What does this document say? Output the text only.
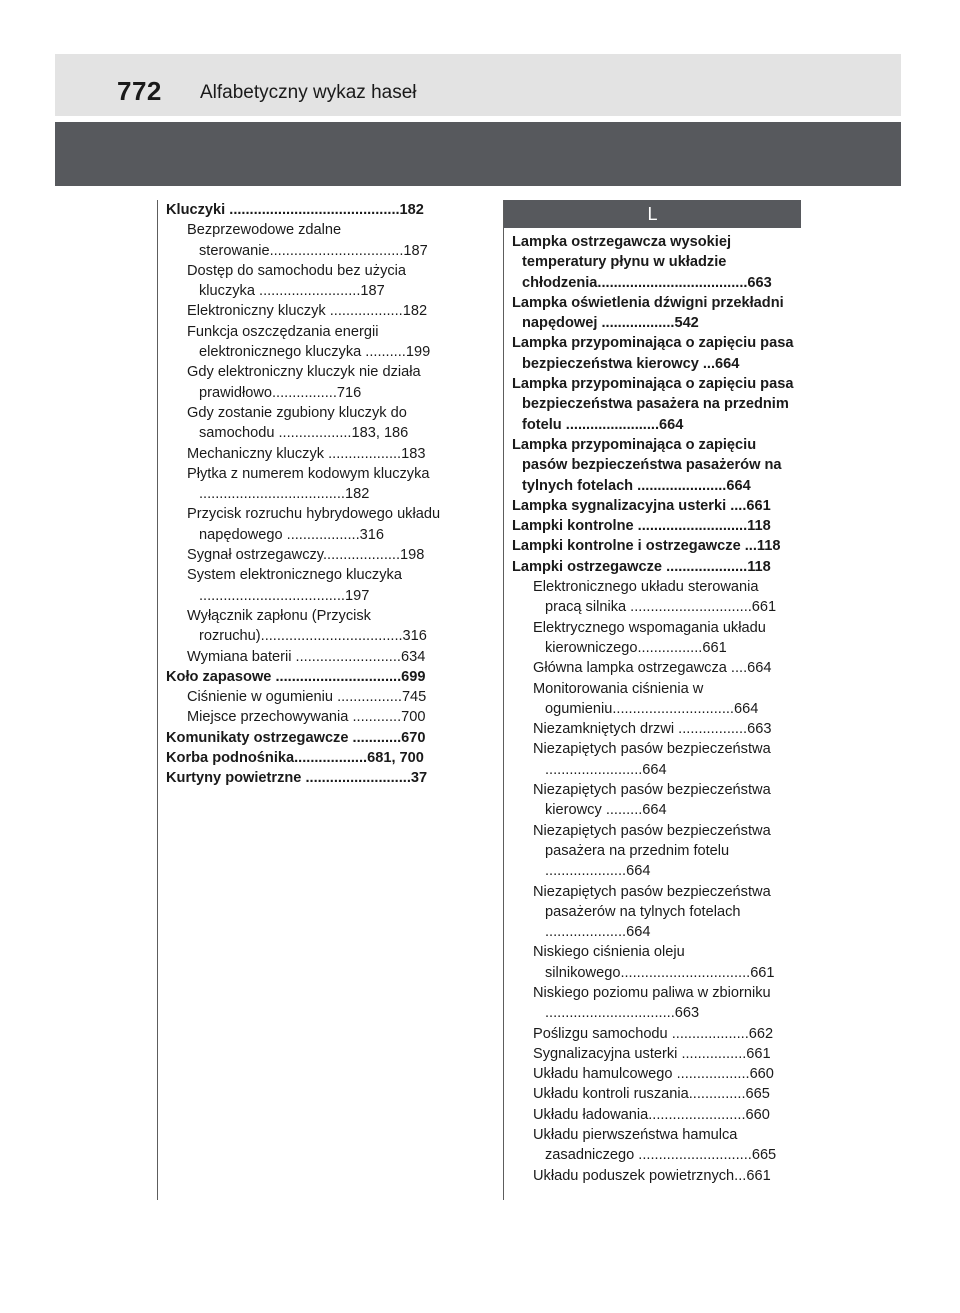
772 Alfabetyczny wykaz haseł
Kluczyki ..........................................182
Bezprzewodowe zdalne sterowanie.................................187
Dostęp do samochodu bez użycia kluczyka .........................187
Elektroniczny kluczyk ..................182
Funkcja oszczędzania energii elektronicznego kluczyka ..........199
Gdy elektroniczny kluczyk nie działa prawidłowo................716
Gdy zostanie zgubiony kluczyk do samochodu ..................183, 186
Mechaniczny kluczyk ..................183
Płytka z numerem kodowym kluczyka ....................................182
Przycisk rozruchu hybrydowego układu napędowego ..................316
Sygnał ostrzegawczy...................198
System elektronicznego kluczyka ....................................197
Wyłącznik zapłonu (Przycisk rozruchu)...................................316
Wymiana baterii ..........................634
Koło zapasowe ...............................699
Ciśnienie w ogumieniu ................745
Miejsce przechowywania ............700
Komunikaty ostrzegawcze ............670
Korba podnośnika..................681, 700
Kurtyny powietrzne ..........................37
L
Lampka ostrzegawcza wysokiej temperatury płynu w układzie chłodzenia.....................................663
Lampka oświetlenia dźwigni przekładni napędowej ..................542
Lampka przypominająca o zapięciu pasa bezpieczeństwa kierowcy ...664
Lampka przypominająca o zapięciu pasa bezpieczeństwa pasażera na przednim fotelu .......................664
Lampka przypominająca o zapięciu pasów bezpieczeństwa pasażerów na tylnych fotelach ......................664
Lampka sygnalizacyjna usterki ....661
Lampki kontrolne ...........................118
Lampki kontrolne i ostrzegawcze ...118
Lampki ostrzegawcze ....................118
Elektronicznego układu sterowania pracą silnika ..............................661
Elektrycznego wspomagania układu kierowniczego................661
Główna lampka ostrzegawcza ....664
Monitorowania ciśnienia w ogumieniu..............................664
Niezamkniętych drzwi .................663
Niezapiętych pasów bezpieczeństwa ........................664
Niezapiętych pasów bezpieczeństwa kierowcy .........664
Niezapiętych pasów bezpieczeństwa pasażera na przednim fotelu ....................664
Niezapiętych pasów bezpieczeństwa pasażerów na tylnych fotelach ....................664
Niskiego ciśnienia oleju silnikowego................................661
Niskiego poziomu paliwa w zbiorniku ................................663
Poślizgu samochodu ...................662
Sygnalizacyjna usterki ................661
Układu hamulcowego ..................660
Układu kontroli ruszania..............665
Układu ładowania........................660
Układu pierwszeństwa hamulca zasadniczego ............................665
Układu poduszek powietrznych...661
